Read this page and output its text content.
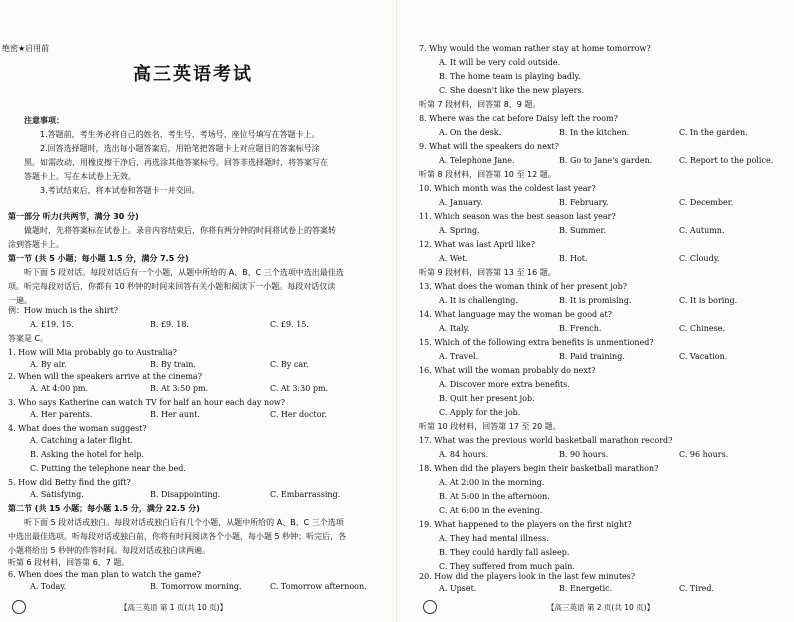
绝密★启用前
高三英语考试
注意事项：
1.答题前，考生务必将自己的姓名、考生号、考场号、座位号填写在答题卡上。
2.回答选择题时，选出每小题答案后，用铅笔把答题卡上对应题目的答案标号涂
黑。如需改动，用橡皮擦干净后，再选涂其他答案标号。回答非选择题时，将答案写在
答题卡上。写在本试卷上无效。
3.考试结束后，将本试卷和答题卡一并交回。
第一部分 听力(共两节，满分 30 分)
做题时，先将答案标在试卷上。录音内容结束后，你将有两分钟的时间将试卷上的答案转
涂到答题卡上。
第一节 (共 5 小题；每小题 1.5 分，满分 7.5 分)
听下面 5 段对话。每段对话后有一个小题，从题中所给的 A、B、C 三个选项中选出最佳选
项。听完每段对话后，你都有 10 秒钟的时间来回答有关小题和阅读下一小题。每段对话仅读
一遍。
例：How much is the shirt?
A. £19. 15.	B. £9. 18.	C. £9. 15.
答案是 C。
1. How will Mia probably go to Australia?
A. By air.	B. By train.	C. By car.
2. When will the speakers arrive at the cinema?
A. At 4:00 pm.	B. At 3:50 pm.	C. At 3:30 pm.
3. Who says Katherine can watch TV for half an hour each day now?
A. Her parents.	B. Her aunt.	C. Her doctor.
4. What does the woman suggest?
A. Catching a later flight.
B. Asking the hotel for help.
C. Putting the telephone near the bed.
5. How did Betty find the gift?
A. Satisfying.	B. Disappointing.	C. Embarrassing.
第二节 (共 15 小题；每小题 1.5 分，满分 22.5 分)
听下面 5 段对话或独白。每段对话或独白后有几个小题，从题中所给的 A、B、C 三个选项
中选出最佳选项。听每段对话或独白前，你将有时间阅读各个小题，每小题 5 秒钟；听完后，各
小题将给出 5 秒钟的作答时间。每段对话或独白读两遍。
听第 6 段材料，回答第 6、7 题。
6. When does the man plan to watch the game?
A. Today.	B. Tomorrow morning.	C. Tomorrow afternoon.
【高三英语 第 1 页(共 10 页)】
7. Why would the woman rather stay at home tomorrow?
A. It will be very cold outside.
B. The home team is playing badly.
C. She doesn't like the new players.
听第 7 段材料，回答第 8、9 题。
8. Where was the cat before Daisy left the room?
A. On the desk.	B. In the kitchen.	C. In the garden.
9. What will the speakers do next?
A. Telephone Jane.	B. Go to Jane's garden.	C. Report to the police.
听第 8 段材料，回答第 10 至 12 题。
10. Which month was the coldest last year?
A. January.	B. February.	C. December.
11. Which season was the best season last year?
A. Spring.	B. Summer.	C. Autumn.
12. What was last April like?
A. Wet.	B. Hot.	C. Cloudy.
听第 9 段材料，回答第 13 至 16 题。
13. What does the woman think of her present job?
A. It is challenging.	B. It is promising.	C. It is boring.
14. What language may the woman be good at?
A. Italy.	B. French.	C. Chinese.
15. Which of the following extra benefits is unmentioned?
A. Travel.	B. Paid training.	C. Vacation.
16. What will the woman probably do next?
A. Discover more extra benefits.
B. Quit her present job.
C. Apply for the job.
听第 10 段材料，回答第 17 至 20 题。
17. What was the previous world basketball marathon record?
A. 84 hours.	B. 90 hours.	C. 96 hours.
18. When did the players begin their basketball marathon?
A. At 2:00 in the morning.
B. At 5:00 in the afternoon.
C. At 6:00 in the evening.
19. What happened to the players on the first night?
A. They had mental illness.
B. They could hardly fall asleep.
C. They suffered from much pain.
20. How did the players look in the last few minutes?
A. Upset.	B. Energetic.	C. Tired.
【高三英语 第 2 页(共 10 页)】
